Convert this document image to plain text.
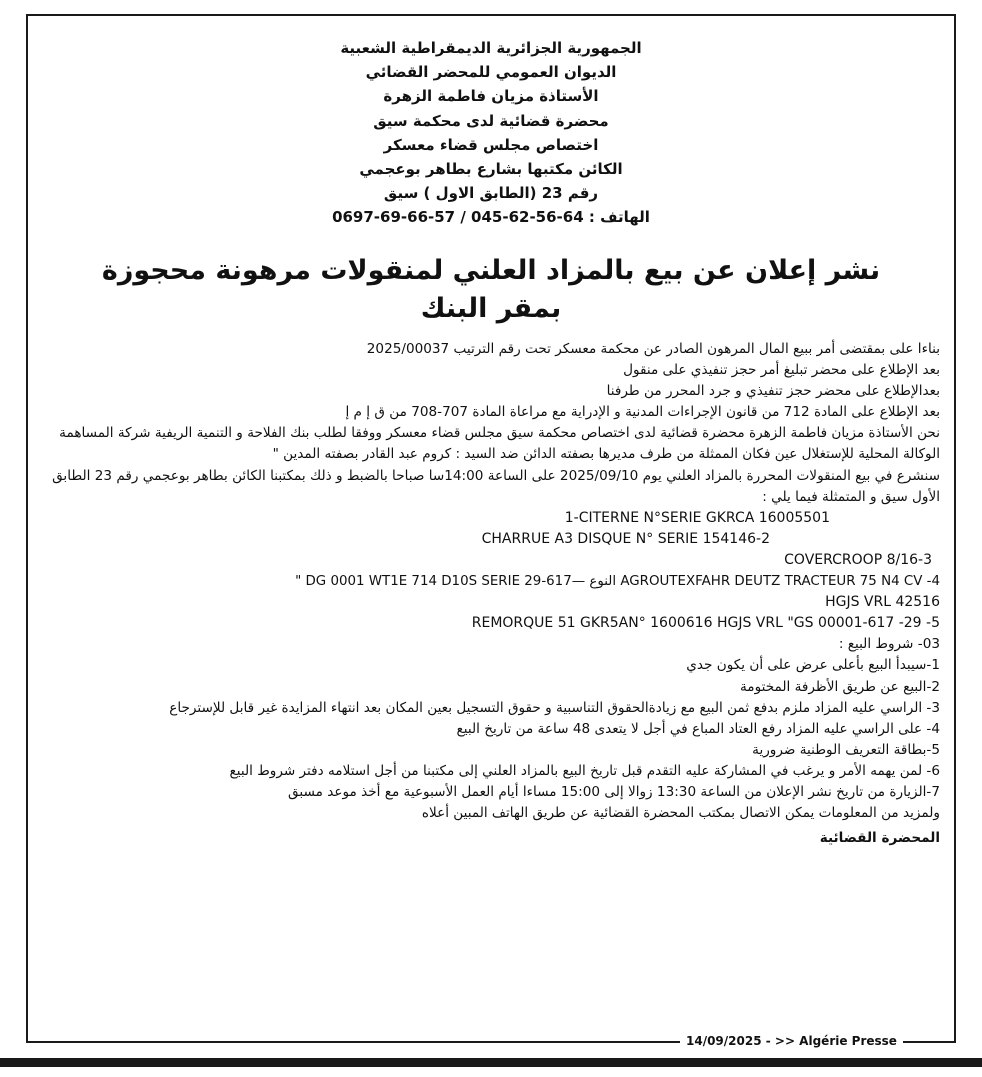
الجمهورية الجزائرية الديمقراطية الشعبية
الديوان العمومي للمحضر القضائي
الأستاذة مزيان فاطمة الزهرة
محضرة قضائية لدى محكمة سيق
اختصاص مجلس قضاء معسكر
الكائن مكتبها بشارع بطاهر بوعجمي
رقم 23 (الطابق الاول ) سيق
الهاتف : 0697-69-66-57 / 045-62-56-64
نشر إعلان عن بيع بالمزاد العلني لمنقولات مرهونة محجوزة
بمقر البنك
بناءا على بمقتضى أمر ببيع المال المرهون الصادر عن محكمة معسكر تحت رقم الترتيب 2025/00037
بعد الإطلاع على محضر تبليغ أمر حجز تنفيذي على منقول
بعدالإطلاع على محضر حجز تنفيذي و جرد المحرر من طرفنا
بعد الإطلاع على المادة 712 من قانون الإجراءات المدنية و الإدراية مع مراعاة المادة 707-708 من ق إ م إ
نحن الأستاذة مزيان فاطمة الزهرة محضرة قضائية لدى اختصاص محكمة سيق مجلس قضاء معسكر ووفقا لطلب بنك الفلاحة و التنمية الريفية شركة المساهمة الوكالة المحلية للإستغلال عين فكان الممثلة من طرف مديرها بصفته الدائن ضد السيد : كروم عبد القادر بصفته المدين "
سنشرع في بيع المنقولات المحررة بالمزاد العلني يوم 2025/09/10 على الساعة 14:00سا صباحا بالضبط و ذلك بمكتبنا الكائن بطاهر بوعجمي رقم 23 الطابق الأول سيق و المتمثلة فيما يلي :
1-CITERNE N°SERIE GKRCA 16005501
CHARRUE A3 DISQUE N° SERIE 154146-2
COVERCROOP 8/16-3
" DG 0001 WT1E 714 D10S SERIE 29-617— النوع AGROUTEXFAHR DEUTZ TRACTEUR 75 N4 CV -4
HGJS VRL 42516
REMORQUE 51 GKR5AN° 1600616 HGJS VRL "GS 00001-617 -29 -5
03- شروط البيع :
1-سيبدأ البيع بأعلى عرض على أن يكون جدي
2-البيع عن طريق الأظرفة المختومة
3- الراسي عليه المزاد ملزم بدفع ثمن البيع مع زيادةالحقوق التناسبية و حقوق التسجيل بعين المكان بعد انتهاء المزايدة غير قابل للإسترجاع
4- على الراسي عليه المزاد رفع العتاد المباع في أجل لا يتعدى 48 ساعة من تاريخ البيع
5-بطاقة التعريف الوطنية ضرورية
6- لمن يهمه الأمر و يرغب في المشاركة عليه التقدم قبل تاريخ البيع بالمزاد العلني إلى مكتبنا من أجل استلامه دفتر شروط البيع
7-الزيارة من تاريخ نشر الإعلان من الساعة 13:30 زوالا إلى 15:00 مساءا أيام العمل الأسبوعية مع أخذ موعد مسبق
ولمزيد من المعلومات يمكن الاتصال بمكتب المحضرة القضائية عن طريق الهاتف المبين أعلاه
المحضرة القضائية
14/09/2025 - >> Algérie Presse
